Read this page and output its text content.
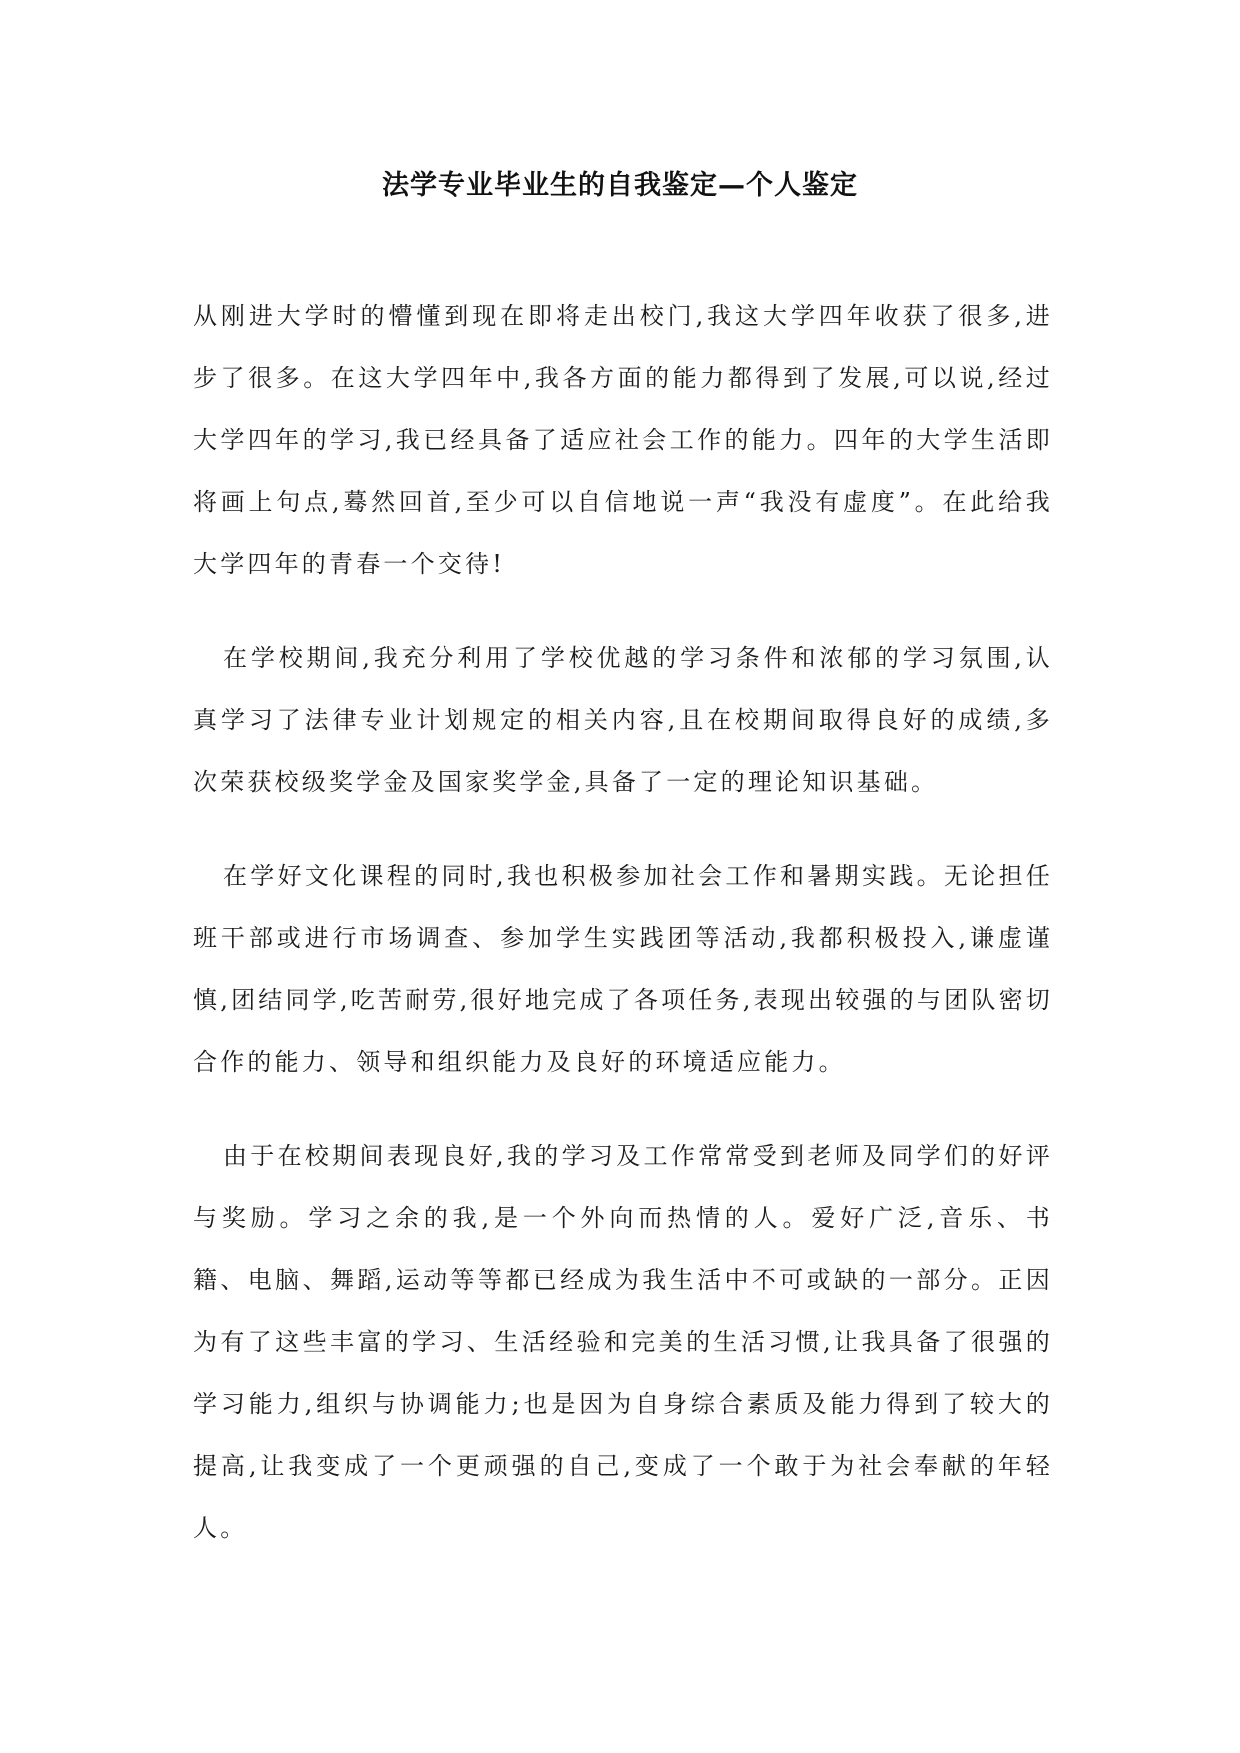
法学专业毕业生的自我鉴定—个人鉴定

从刚进大学时的懵懂到现在即将走出校门,我这大学四年收获了很多,进步了很多。在这大学四年中,我各方面的能力都得到了发展,可以说,经过大学四年的学习,我已经具备了适应社会工作的能力。四年的大学生活即将画上句点,蓦然回首,至少可以自信地说一声“我没有虚度”。在此给我大学四年的青春一个交待!

在学校期间,我充分利用了学校优越的学习条件和浓郁的学习氛围,认真学习了法律专业计划规定的相关内容,且在校期间取得良好的成绩,多次荣获校级奖学金及国家奖学金,具备了一定的理论知识基础。

在学好文化课程的同时,我也积极参加社会工作和暑期实践。无论担任班干部或进行市场调查、参加学生实践团等活动,我都积极投入,谦虚谨慎,团结同学,吃苦耐劳,很好地完成了各项任务,表现出较强的与团队密切合作的能力、领导和组织能力及良好的环境适应能力。

由于在校期间表现良好,我的学习及工作常常受到老师及同学们的好评与奖励。学习之余的我,是一个外向而热情的人。爱好广泛,音乐、书籍、电脑、舞蹈,运动等等都已经成为我生活中不可或缺的一部分。正因为有了这些丰富的学习、生活经验和完美的生活习惯,让我具备了很强的学习能力,组织与协调能力;也是因为自身综合素质及能力得到了较大的提高,让我变成了一个更顽强的自己,变成了一个敢于为社会奉献的年轻人。
